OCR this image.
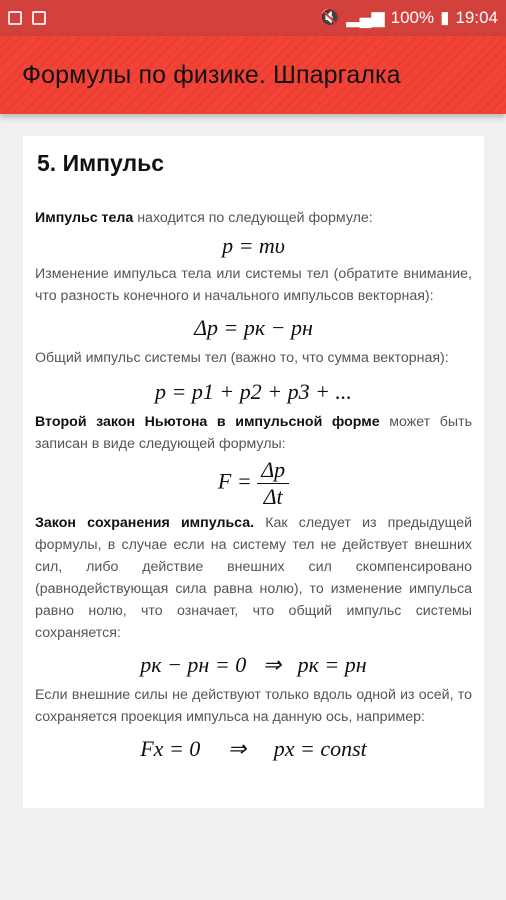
🔇 ▂▄▆ 100% ▮ 19:04
Формулы по физике. Шпаргалка
5. Импульс

Импульс тела находится по следующей формуле:

p = mυ

Изменение импульса тела или системы тел (обратите внимание, что разность конечного и начального импульсов векторная):

Δp = pк − pн

Общий импульс системы тел (важно то, что сумма векторная):

p = p1 + p2 + p3 + ...

Второй закон Ньютона в импульсной форме может быть записан в виде следующей формулы:

$F = \frac{\Delta p}{\Delta t}$

Закон сохранения импульса. Как следует из предыдущей формулы, в случае если на систему тел не действует внешних сил, либо действие внешних сил скомпенсировано (равнодействующая сила равна нолю), то изменение импульса равно нолю, что означает, что общий импульс системы сохраняется:

pк − pн = 0   ⇒   pк = pн

Если внешние силы не действуют только вдоль одной из осей, то сохраняется проекция импульса на данную ось, например:

Fx = 0     ⇒     px = const
